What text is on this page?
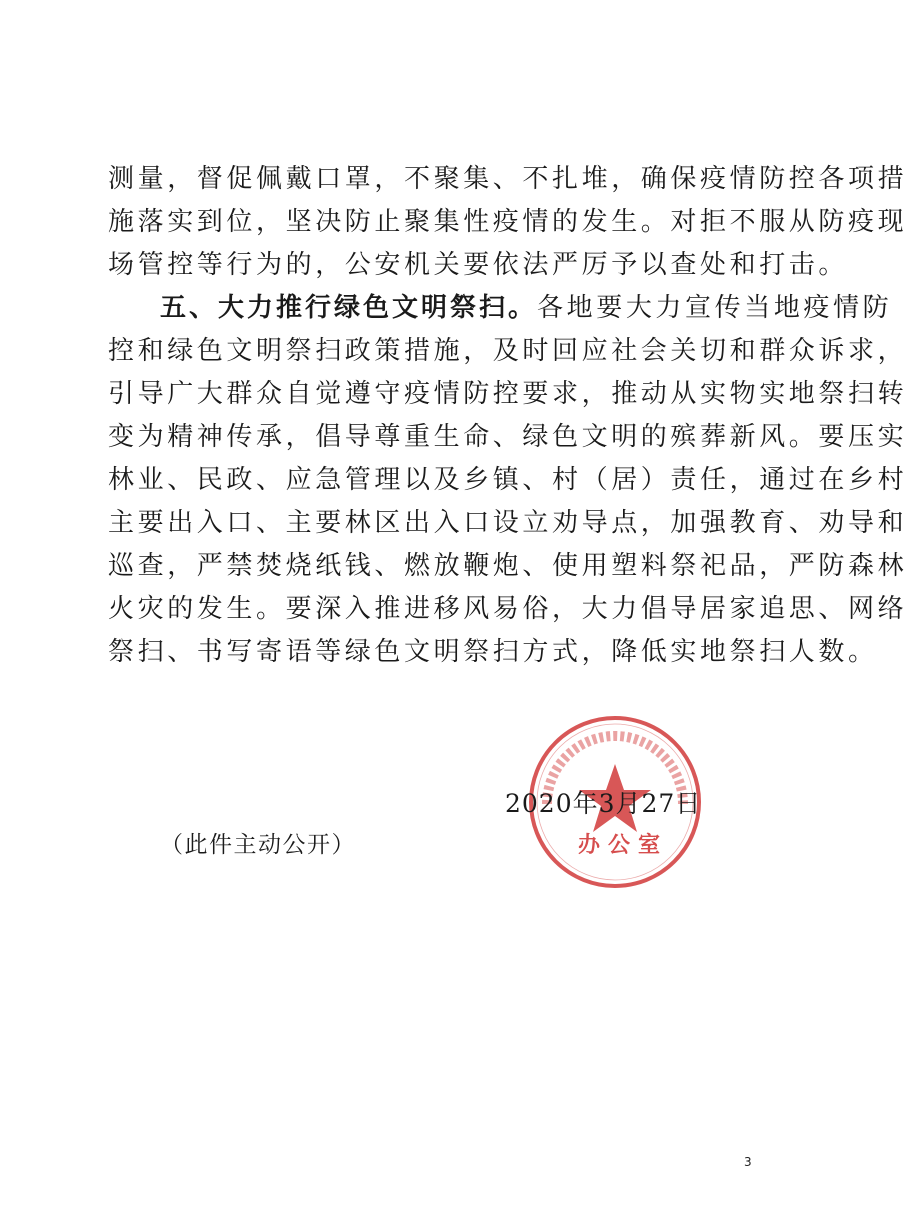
测量，督促佩戴口罩，不聚集、不扎堆，确保疫情防控各项措
施落实到位，坚决防止聚集性疫情的发生。对拒不服从防疫现
场管控等行为的，公安机关要依法严厉予以查处和打击。
五、大力推行绿色文明祭扫。各地要大力宣传当地疫情防
控和绿色文明祭扫政策措施，及时回应社会关切和群众诉求，
引导广大群众自觉遵守疫情防控要求，推动从实物实地祭扫转
变为精神传承，倡导尊重生命、绿色文明的殡葬新风。要压实
林业、民政、应急管理以及乡镇、村（居）责任，通过在乡村
主要出入口、主要林区出入口设立劝导点，加强教育、劝导和
巡查，严禁焚烧纸钱、燃放鞭炮、使用塑料祭祀品，严防森林
火灾的发生。要深入推进移风易俗，大力倡导居家追思、网络
祭扫、书写寄语等绿色文明祭扫方式，降低实地祭扫人数。
2020年3月27日
办公室
（此件主动公开）
3
